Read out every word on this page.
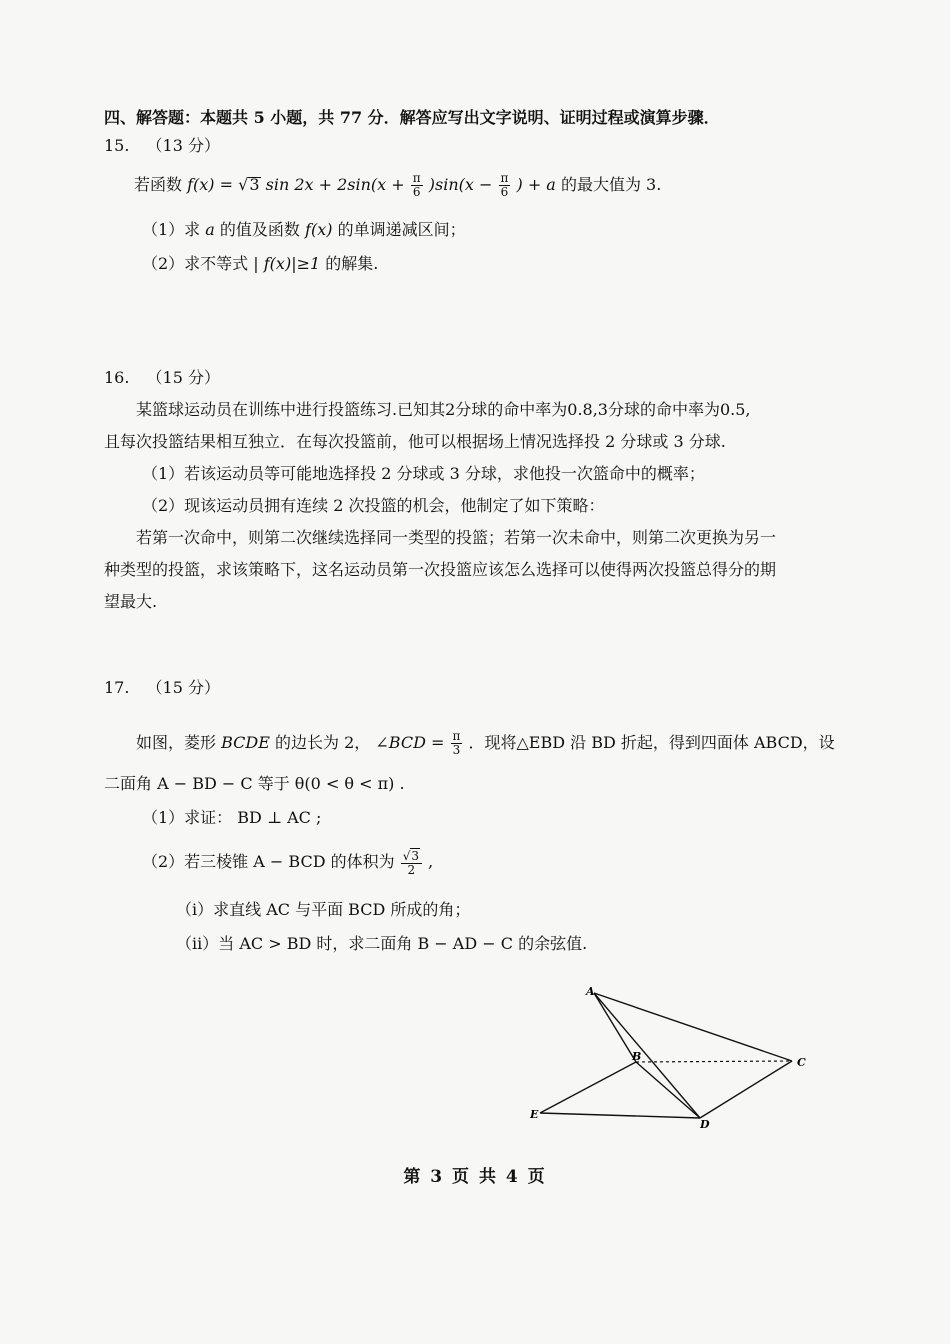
四、解答题：本题共 5 小题，共 77 分．解答应写出文字说明、证明过程或演算步骤．
15. （13 分）
若函数 f(x) = √3 $\sin 2x + 2\sin(x + \frac{\pi}{6} )\sin(x - \frac{\pi}{6}$ ) + a 的最大值为 3.
（1）求 a 的值及函数 f(x) 的单调递减区间；
（2）求不等式 | f(x)|≥1 的解集.
16. （15 分）
某篮球运动员在训练中进行投篮练习.已知其2分球的命中率为0.8,3分球的命中率为0.5,
且每次投篮结果相互独立．在每次投篮前，他可以根据场上情况选择投 2 分球或 3 分球.
（1）若该运动员等可能地选择投 2 分球或 3 分球，求他投一次篮命中的概率；
（2）现该运动员拥有连续 2 次投篮的机会，他制定了如下策略：
若第一次命中，则第二次继续选择同一类型的投篮；若第一次未命中，则第二次更换为另一
种类型的投篮，求该策略下，这名运动员第一次投篮应该怎么选择可以使得两次投篮总得分的期
望最大.
17. （15 分）
如图，菱形 BCDE 的边长为 2， ∠BCD = $\frac{\pi}{3}$ ．现将△EBD 沿 BD 折起，得到四面体 ABCD，设
二面角 A − BD − C 等于 θ(0 < θ < π) .
（1）求证： BD ⊥ AC ;
（2）若三棱锥 A − BCD 的体积为 $\frac{√3}{2}$ ,
（i）求直线 AC 与平面 BCD 所成的角；
（ii）当 AC > BD 时，求二面角 B − AD − C 的余弦值.
A
B	C
D
E
第 3 页 共 4 页
